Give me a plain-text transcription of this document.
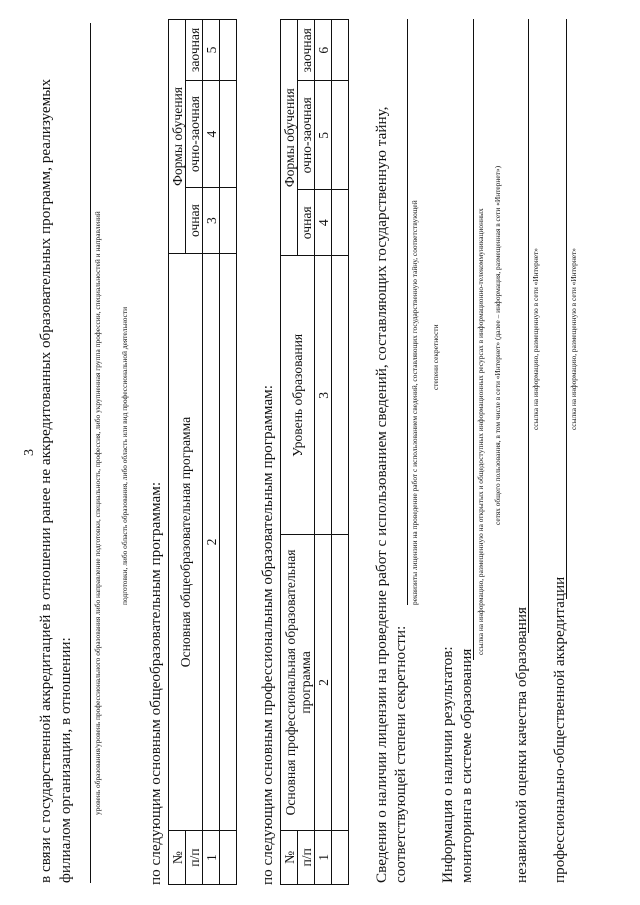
3 в связи с государственной аккредитацией в отношении ранее не аккредитованных образовательных программ, реализуемых филиалом организации, в отношении:	уровень образования/уровень профессионального образования либо направление подготовки, специальность, профессия, либо укрупненная группа профессии, специальностей и направлений подготовки, либо область образования, либо область или вид профессиональной деятельности
по следующим основным общеобразовательным программам: №	Основная общеобразовательная программа	Формы обучения		
п/п		очная	очно-заочная	заочная
1	2	3	4	5

по следующим основным профессиональным образовательным программам: №	Основная профессиональная образовательная программа	Уровень образования	Формы обучения		
п/п			очная	очно-заочная	заочная
1	2	3	4	5	6

Сведения о наличии лицензии на проведение работ с использованием сведений, составляющих государственную тайну, соответствующей степени секретности:
реквизиты лицензии на проведение работ с использованием сведений, составляющих государственную тайну, соответствующей степени секретности
Информация о наличии результатов: мониторинга в системе образования
ссылка на информацию, размещенную на открытых и общедоступных информационных ресурсах в информационно-телекоммуникационных сетях общего пользования, в том числе в сети «Интернет» (далее – информация, размещенная в сети «Интернет»)
независимой оценки качества образования
ссылка на информацию, размещенную в сети «Интернет»
профессионально-общественной аккредитации
ссылка на информацию, размещенную в сети «Интернет»
